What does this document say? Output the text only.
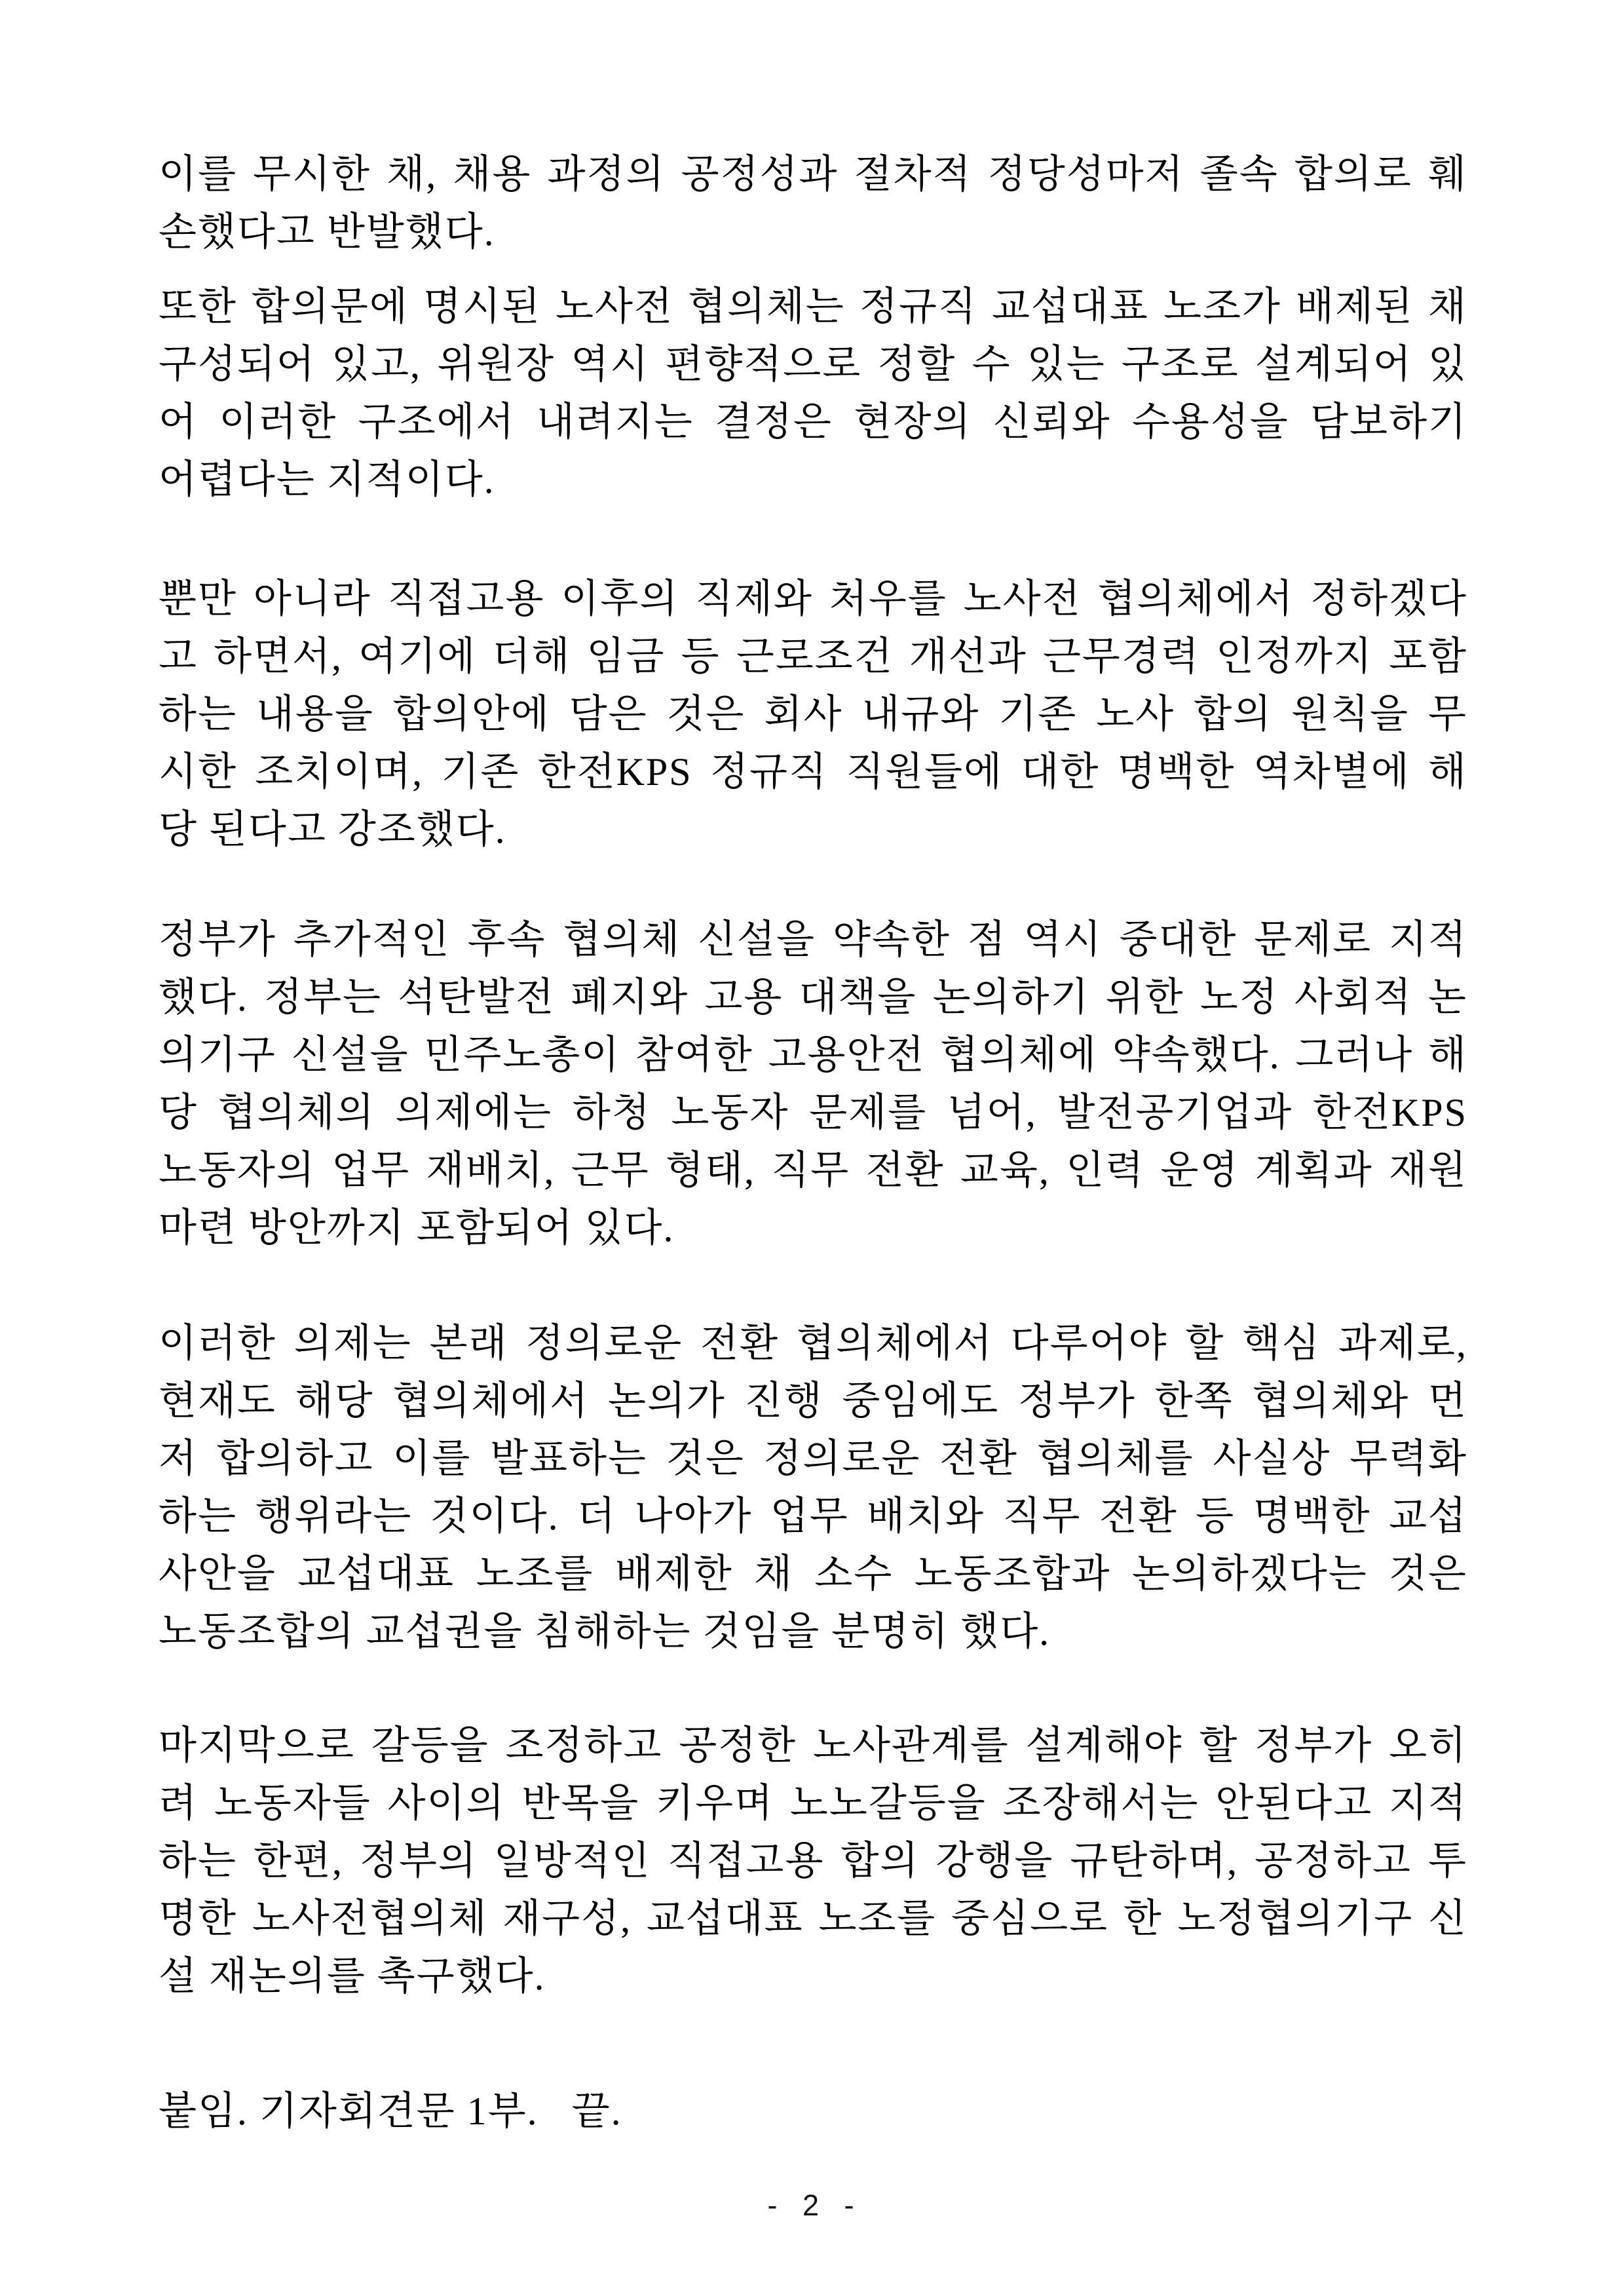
이를 무시한 채, 채용 과정의 공정성과 절차적 정당성마저 졸속 합의로 훼
손했다고 반발했다.
또한 합의문에 명시된 노사전 협의체는 정규직 교섭대표 노조가 배제된 채
구성되어 있고, 위원장 역시 편향적으로 정할 수 있는 구조로 설계되어 있
어 이러한 구조에서 내려지는 결정은 현장의 신뢰와 수용성을 담보하기
어렵다는 지적이다.
뿐만 아니라 직접고용 이후의 직제와 처우를 노사전 협의체에서 정하겠다
고 하면서, 여기에 더해 임금 등 근로조건 개선과 근무경력 인정까지 포함
하는 내용을 합의안에 담은 것은 회사 내규와 기존 노사 합의 원칙을 무
시한 조치이며, 기존 한전KPS 정규직 직원들에 대한 명백한 역차별에 해
당 된다고 강조했다.
정부가 추가적인 후속 협의체 신설을 약속한 점 역시 중대한 문제로 지적
했다. 정부는 석탄발전 폐지와 고용 대책을 논의하기 위한 노정 사회적 논
의기구 신설을 민주노총이 참여한 고용안전 협의체에 약속했다. 그러나 해
당 협의체의 의제에는 하청 노동자 문제를 넘어, 발전공기업과 한전KPS
노동자의 업무 재배치, 근무 형태, 직무 전환 교육, 인력 운영 계획과 재원
마련 방안까지 포함되어 있다.
이러한 의제는 본래 정의로운 전환 협의체에서 다루어야 할 핵심 과제로,
현재도 해당 협의체에서 논의가 진행 중임에도 정부가 한쪽 협의체와 먼
저 합의하고 이를 발표하는 것은 정의로운 전환 협의체를 사실상 무력화
하는 행위라는 것이다. 더 나아가 업무 배치와 직무 전환 등 명백한 교섭
사안을 교섭대표 노조를 배제한 채 소수 노동조합과 논의하겠다는 것은
노동조합의 교섭권을 침해하는 것임을 분명히 했다.
마지막으로 갈등을 조정하고 공정한 노사관계를 설계해야 할 정부가 오히
려 노동자들 사이의 반목을 키우며 노노갈등을 조장해서는 안된다고 지적
하는 한편, 정부의 일방적인 직접고용 합의 강행을 규탄하며, 공정하고 투
명한 노사전협의체 재구성, 교섭대표 노조를 중심으로 한 노정협의기구 신
설 재논의를 촉구했다.
붙임. 기자회견문 1부.   끝.
- 2 -
